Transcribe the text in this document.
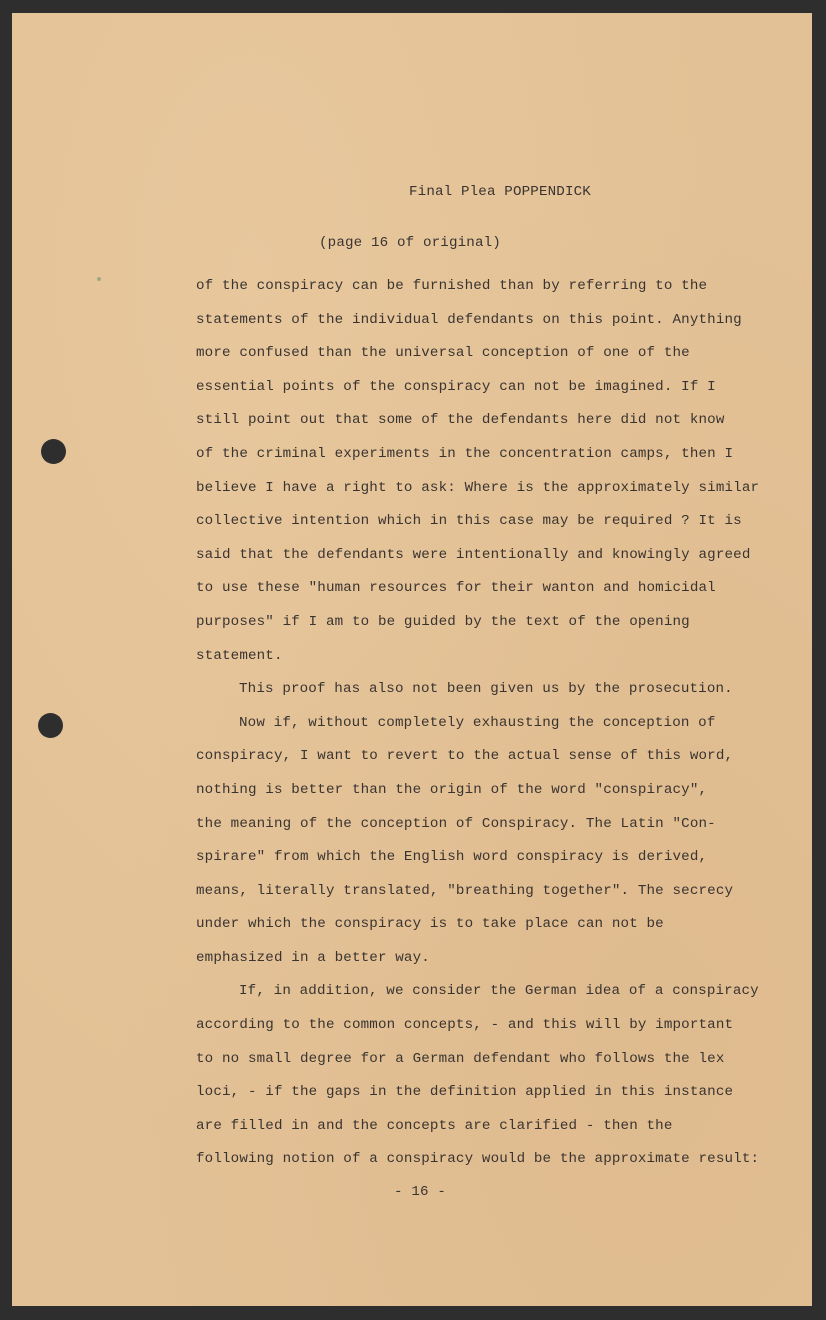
Final Plea POPPENDICK
(page 16 of original)
of the conspiracy can be furnished than by referring to the
statements of the individual defendants on this point. Anything
more confused than the universal conception of one of the
essential points of the conspiracy can not be imagined. If I
still point out that some of the defendants here did not know
of the criminal experiments in the concentration camps, then I
believe I have a right to ask: Where is the approximately similar
collective intention which in this case may be required ? It is
said that the defendants were intentionally and knowingly agreed
to use these "human resources for their wanton and homicidal
purposes" if I am to be guided by the text of the opening
statement.
This proof has also not been given us by the prosecution.
Now if, without completely exhausting the conception of
conspiracy, I want to revert to the actual sense of this word,
nothing is better than the origin of the word "conspiracy",
the meaning of the conception of Conspiracy. The Latin "Con-
spirare" from which the English word conspiracy is derived,
means, literally translated, "breathing together". The secrecy
under which the conspiracy is to take place can not be
emphasized in a better way.
If, in addition, we consider the German idea of a conspiracy
according to the common concepts, - and this will by important
to no small degree for a German defendant who follows the lex
loci, - if the gaps in the definition applied in this instance
are filled in and the concepts are clarified - then the
following notion of a conspiracy would be the approximate result:
- 16 -
